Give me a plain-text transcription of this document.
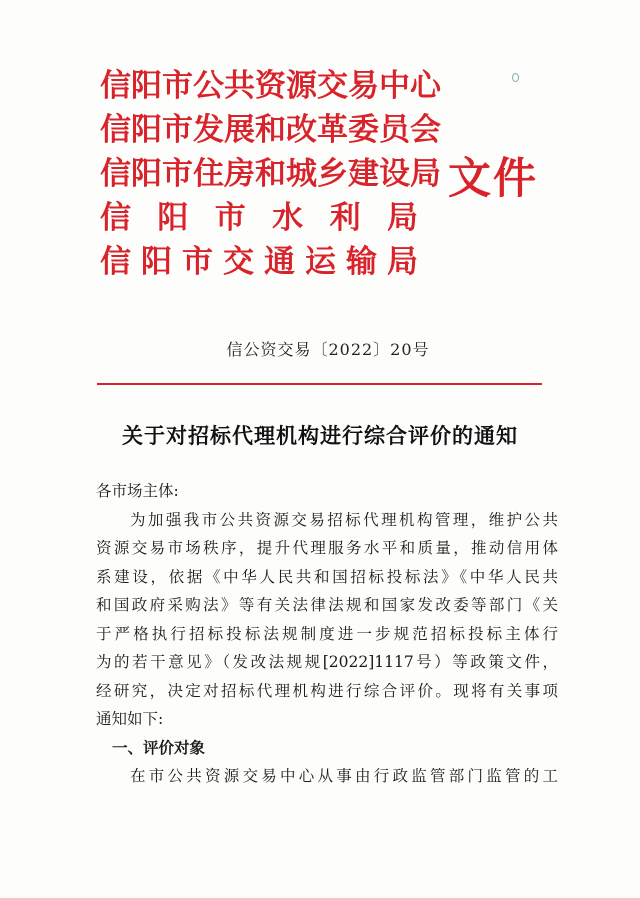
信阳市公共资源交易中心
信阳市发展和改革委员会
信阳市住房和城乡建设局
信 阳 市 水 利 局
信 阳 市 交 通 运 输 局
文件
信公资交易〔2022〕20号
关于对招标代理机构进行综合评价的通知
各市场主体:
为加强我市公共资源交易招标代理机构管理，维护公共
资源交易市场秩序，提升代理服务水平和质量，推动信用体
系建设，依据《中华人民共和国招标投标法》《中华人民共
和国政府采购法》等有关法律法规和国家发改委等部门《关
于严格执行招标投标法规制度进一步规范招标投标主体行
为的若干意见》（发改法规规[2022]1117号）等政策文件，
经研究，决定对招标代理机构进行综合评价。现将有关事项
通知如下:
一、评价对象
在市公共资源交易中心从事由行政监管部门监管的工
